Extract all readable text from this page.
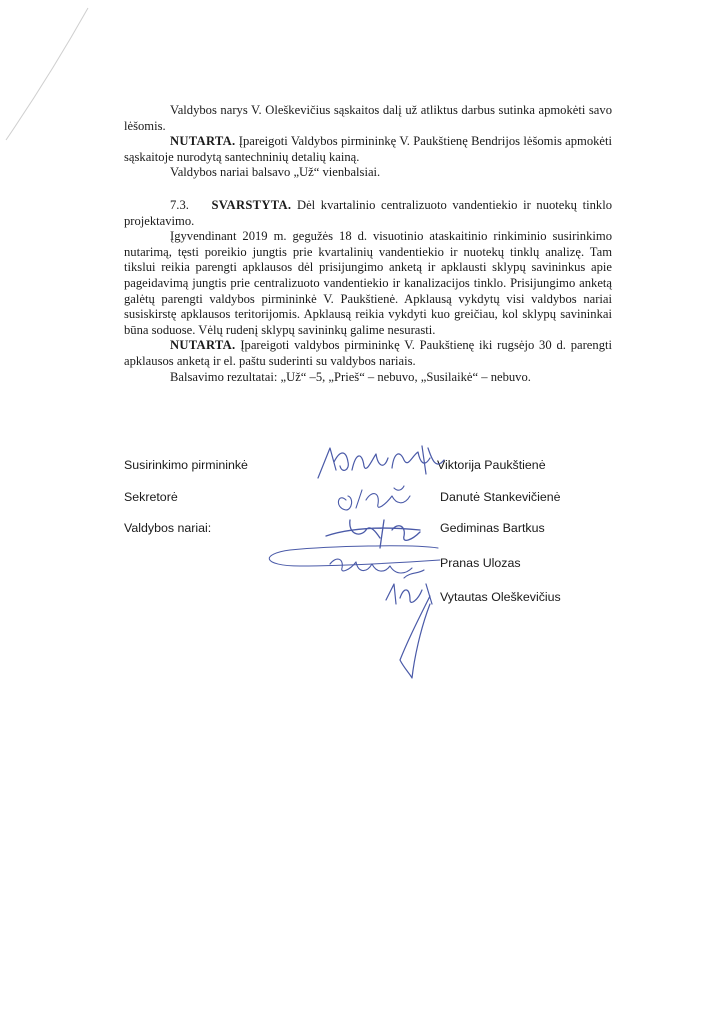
Valdybos narys V. Oleškevičius sąskaitos dalį už atliktus darbus sutinka apmokėti savo lėšomis.

NUTARTA. Įpareigoti Valdybos pirmininkę V. Paukštienę Bendrijos lėšomis apmokėti sąskaitoje nurodytą santechninių detalių kainą.

Valdybos nariai balsavo „Už“ vienbalsiai.

7.3. SVARSTYTA. Dėl kvartalinio centralizuoto vandentiekio ir nuotekų tinklo projektavimo.

Įgyvendinant 2019 m. gegužės 18 d. visuotinio ataskaitinio rinkiminio susirinkimo nutarimą, tęsti poreikio jungtis prie kvartalinių vandentiekio ir nuotekų tinklų analizę. Tam tikslui reikia parengti apklausos dėl prisijungimo anketą ir apklausti sklypų savininkus apie pageidavimą jungtis prie centralizuoto vandentiekio ir kanalizacijos tinklo. Prisijungimo anketą galėtų parengti valdybos pirmininkė V. Paukštienė. Apklausą vykdytų visi valdybos nariai susiskirstę apklausos teritorijomis. Apklausą reikia vykdyti kuo greičiau, kol sklypų savininkai būna soduose. Vėlų rudenį sklypų savininkų galime nesurasti.

NUTARTA. Įpareigoti valdybos pirmininkę V. Paukštienę iki rugsėjo 30 d. parengti apklausos anketą ir el. paštu suderinti su valdybos nariais.

Balsavimo rezultatai: „Už“ –5, „Prieš“ – nebuvo, „Susilaikė“ – nebuvo.

Susirinkimo pirmininkė	Viktorija Paukštienė
Sekretorė	Danutė Stankevičienė
Valdybos nariai:	Gediminas Bartkus
Pranas Ulozas
Vytautas Oleškevičius
